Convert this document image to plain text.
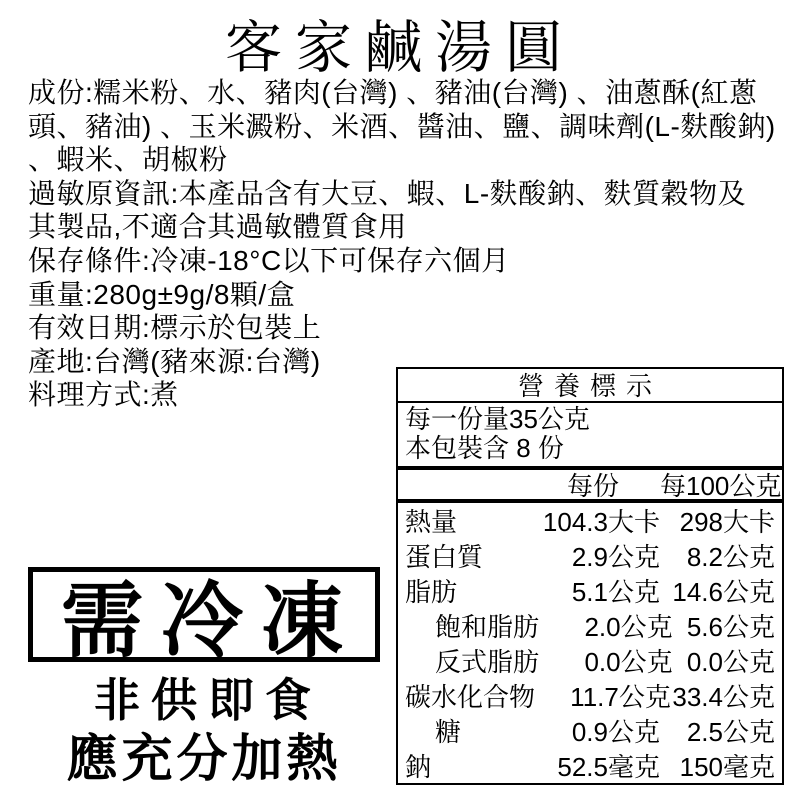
客家鹹湯圓
成份:糯米粉、水、豬肉(台灣) 、豬油(台灣) 、油蔥酥(紅蔥
頭、豬油) 、玉米澱粉、米酒、醬油、鹽、調味劑(L-麩酸鈉)
、蝦米、胡椒粉
過敏原資訊:本產品含有大豆、蝦、L-麩酸鈉、麩質穀物及
其製品,不適合其過敏體質食用
保存條件:冷凍-18°C以下可保存六個月
重量:280g±9g/8顆/盒
有效日期:標示於包裝上
產地:台灣(豬來源:台灣)
料理方式:煮	營養標示
每一份量35公克
本包裝含 8 份
每份	每100公克
熱量	104.3大卡 298大卡
蛋白質	2.9公克	8.2公克
脂肪	5.1公克 14.6公克
飽和脂肪	2.0公克 5.6公克
反式脂肪	0.0公克 0.0公克
碳水化合物	11.7公克 33.4公克
糖	0.9公克	2.5公克
鈉	52.5毫克 150毫克
需冷凍
非供即食
應充分加熱
